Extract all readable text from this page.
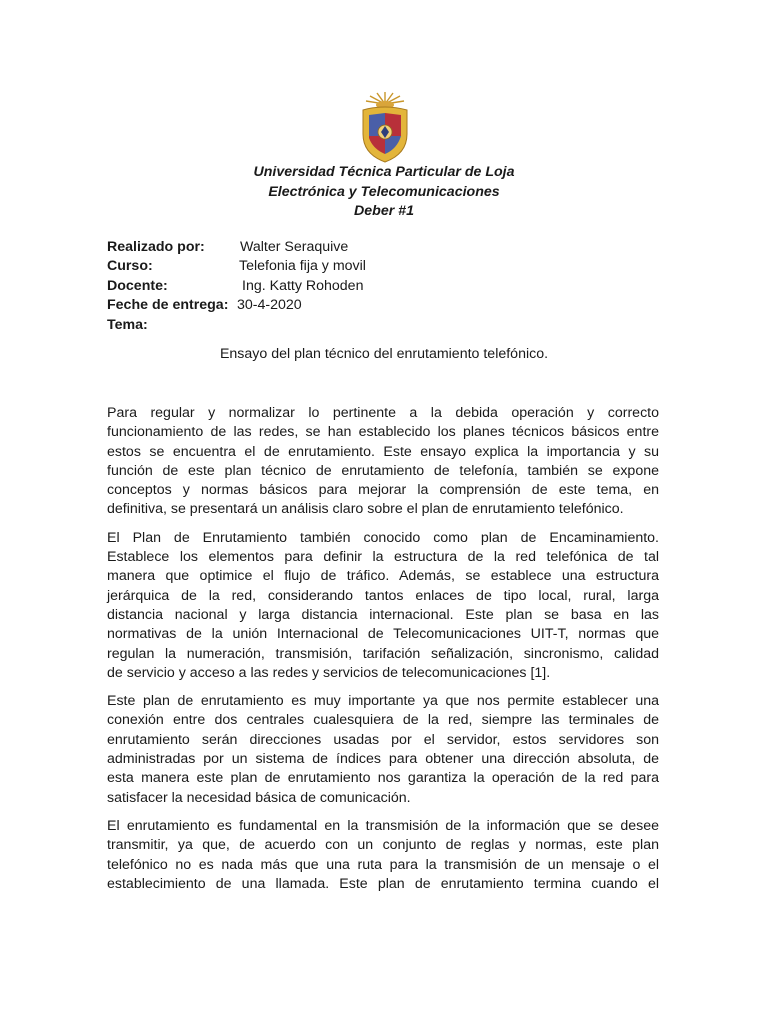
Universidad Técnica Particular de Loja
Electrónica y Telecomunicaciones
Deber #1
Realizado por: Walter Seraquive
Curso:	Telefonia fija y movil
Docente:	Ing. Katty Rohoden
Feche de entrega: 30-4-2020
Tema:
Ensayo del plan técnico del enrutamiento telefónico.
Para regular y normalizar lo pertinente a la debida operación y correcto
funcionamiento de las redes, se han establecido los planes técnicos básicos entre
estos se encuentra el de enrutamiento. Este ensayo explica la importancia y su
función de este plan técnico de enrutamiento de telefonía, también se expone
conceptos y normas básicos para mejorar la comprensión de este tema, en
definitiva, se presentará un análisis claro sobre el plan de enrutamiento telefónico.
El Plan de Enrutamiento también conocido como plan de Encaminamiento.
Establece los elementos para definir la estructura de la red telefónica de tal
manera que optimice el flujo de tráfico. Además, se establece una estructura
jerárquica de la red, considerando tantos enlaces de tipo local, rural, larga
distancia nacional y larga distancia internacional. Este plan se basa en las
normativas de la unión Internacional de Telecomunicaciones UIT-T, normas que
regulan la numeración, transmisión, tarifación señalización, sincronismo, calidad
de servicio y acceso a las redes y servicios de telecomunicaciones [1].
Este plan de enrutamiento es muy importante ya que nos permite establecer una
conexión entre dos centrales cualesquiera de la red, siempre las terminales de
enrutamiento serán direcciones usadas por el servidor, estos servidores son
administradas por un sistema de índices para obtener una dirección absoluta, de
esta manera este plan de enrutamiento nos garantiza la operación de la red para
satisfacer la necesidad básica de comunicación.
El enrutamiento es fundamental en la transmisión de la información que se desee
transmitir, ya que, de acuerdo con un conjunto de reglas y normas, este plan
telefónico no es nada más que una ruta para la transmisión de un mensaje o el
establecimiento de una llamada. Este plan de enrutamiento termina cuando el
